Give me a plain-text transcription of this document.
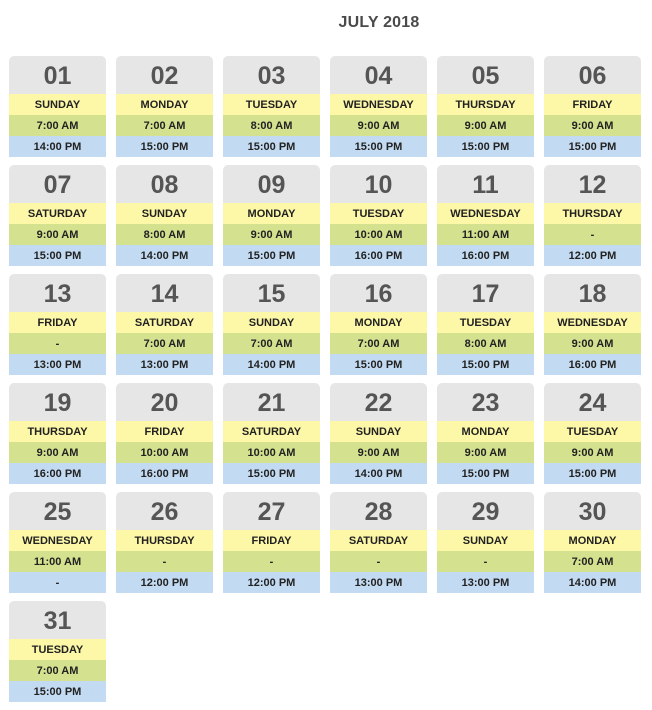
JULY 2018
01
SUNDAY
7:00 AM
14:00 PM
02
MONDAY
7:00 AM
15:00 PM
03
TUESDAY
8:00 AM
15:00 PM
04
WEDNESDAY
9:00 AM
15:00 PM
05
THURSDAY
9:00 AM
15:00 PM
06
FRIDAY
9:00 AM
15:00 PM
07
SATURDAY
9:00 AM
15:00 PM
08
SUNDAY
8:00 AM
14:00 PM
09
MONDAY
9:00 AM
15:00 PM
10
TUESDAY
10:00 AM
16:00 PM
11
WEDNESDAY
11:00 AM
16:00 PM
12
THURSDAY
-
12:00 PM
13
FRIDAY
-
13:00 PM
14
SATURDAY
7:00 AM
13:00 PM
15
SUNDAY
7:00 AM
14:00 PM
16
MONDAY
7:00 AM
15:00 PM
17
TUESDAY
8:00 AM
15:00 PM
18
WEDNESDAY
9:00 AM
16:00 PM
19
THURSDAY
9:00 AM
16:00 PM
20
FRIDAY
10:00 AM
16:00 PM
21
SATURDAY
10:00 AM
15:00 PM
22
SUNDAY
9:00 AM
14:00 PM
23
MONDAY
9:00 AM
15:00 PM
24
TUESDAY
9:00 AM
15:00 PM
25
WEDNESDAY
11:00 AM
-
26
THURSDAY
-
12:00 PM
27
FRIDAY
-
12:00 PM
28
SATURDAY
-
13:00 PM
29
SUNDAY
-
13:00 PM
30
MONDAY
7:00 AM
14:00 PM
31
TUESDAY
7:00 AM
15:00 PM
